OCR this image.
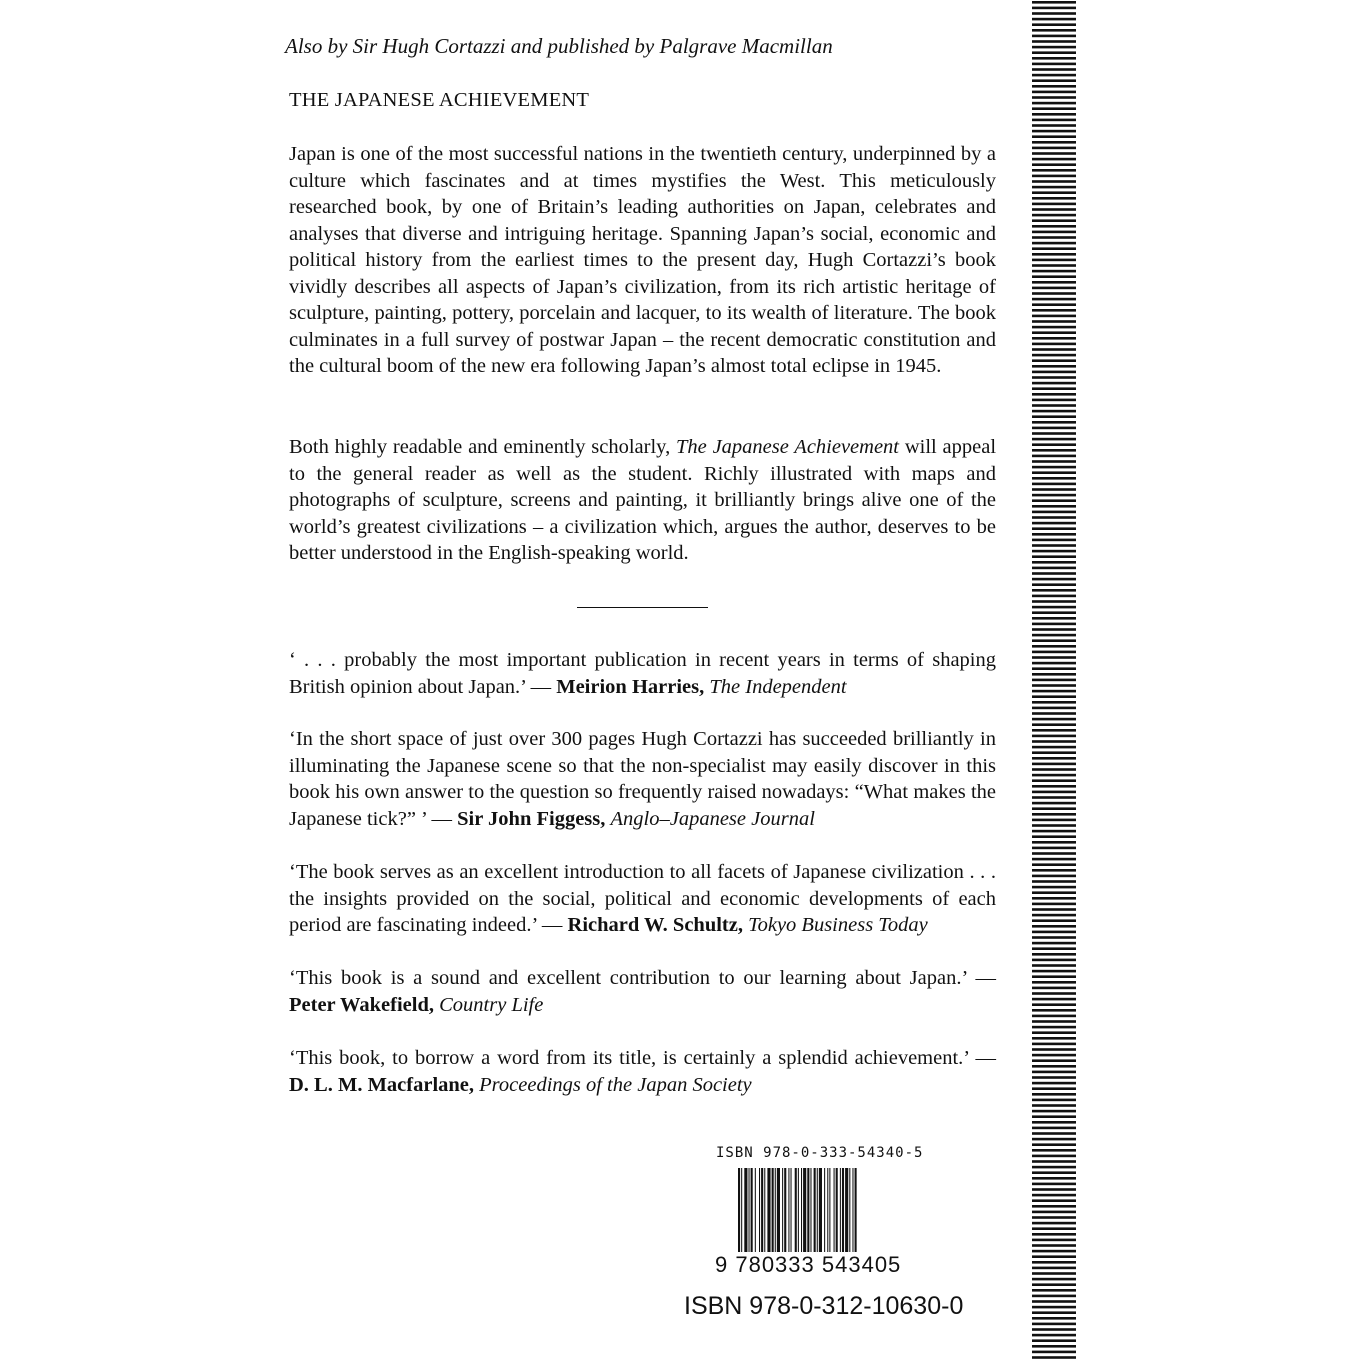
Also by Sir Hugh Cortazzi and published by Palgrave Macmillan
THE JAPANESE ACHIEVEMENT

Japan is one of the most successful nations in the twentieth century, underpinned by a culture which fascinates and at times mystifies the West. This meticulously researched book, by one of Britain’s leading authorities on Japan, celebrates and analyses that diverse and intriguing heritage. Spanning Japan’s social, economic and political history from the earliest times to the present day, Hugh Cortazzi’s book vividly describes all aspects of Japan’s civilization, from its rich artistic heritage of sculpture, painting, pottery, porcelain and lacquer, to its wealth of literature. The book culminates in a full survey of postwar Japan – the recent democratic constitution and the cultural boom of the new era following Japan’s almost total eclipse in 1945.

Both highly readable and eminently scholarly, The Japanese Achievement will appeal to the general reader as well as the student. Richly illustrated with maps and photographs of sculpture, screens and painting, it brilliantly brings alive one of the world’s greatest civilizations – a civilization which, argues the author, deserves to be better understood in the English-speaking world.

‘ . . . probably the most important publication in recent years in terms of shaping British opinion about Japan.’ — Meirion Harries, The Independent

‘In the short space of just over 300 pages Hugh Cortazzi has succeeded brilliantly in illuminating the Japanese scene so that the non-specialist may easily discover in this book his own answer to the question so frequently raised nowadays: “What makes the Japanese tick?” ’ — Sir John Figgess, Anglo–Japanese Journal

‘The book serves as an excellent introduction to all facets of Japanese civilization . . . the insights provided on the social, political and economic developments of each period are fascinating indeed.’ — Richard W. Schultz, Tokyo Business Today

‘This book is a sound and excellent contribution to our learning about Japan.’ — Peter Wakefield, Country Life

‘This book, to borrow a word from its title, is certainly a splendid achievement.’ — D. L. M. Macfarlane, Proceedings of the Japan Society

ISBN 978-0-333-54340-5
9 780333 543405
ISBN 978-0-312-10630-0
